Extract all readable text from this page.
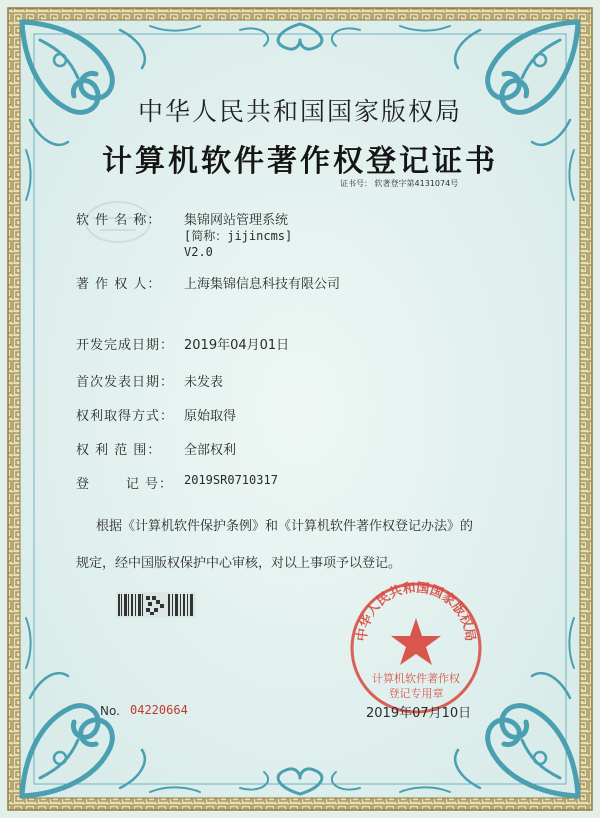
中华人民共和国国家版权局
计算机软件著作权登记证书
证书号： 软著登字第4131074号
软 件 名 称： 集锦网站管理系统
[简称：jijincms]
V2.0
著 作 权 人： 上海集锦信息科技有限公司
开发完成日期： 2019年04月01日
首次发表日期： 未发表
权利取得方式： 原始取得
权 利 范 围： 全部权利
登       记 号： 2019SR0710317
根据《计算机软件保护条例》和《计算机软件著作权登记办法》的
规定，经中国版权保护中心审核，对以上事项予以登记。
No. 04220664
中华人民共和国国家版权局
计算机软件著作权
登记专用章
2019年07月10日
